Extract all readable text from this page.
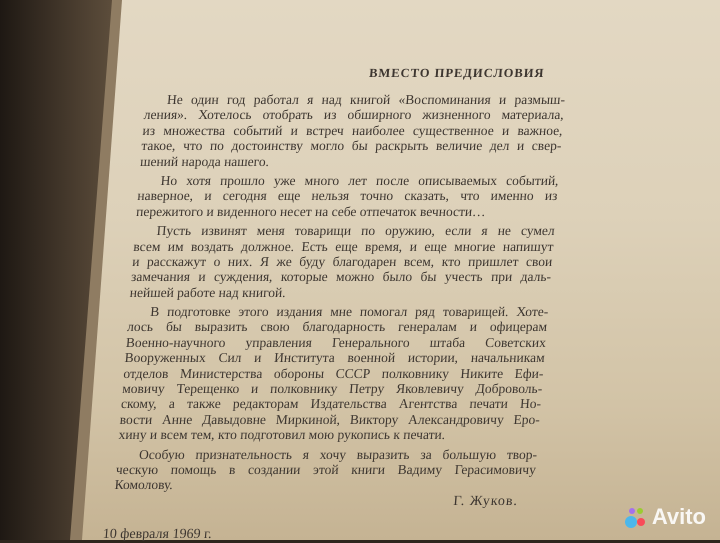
ВМЕСТО ПРЕДИСЛОВИЯ
Не один год работал я над книгой «Воспоминания и размыш-
ления». Хотелось отобрать из обширного жизненного материала,
из множества событий и встреч наиболее существенное и важное,
такое, что по достоинству могло бы раскрыть величие дел и свер-
шений народа нашего.
Но хотя прошло уже много лет после описываемых событий,
наверное, и сегодня еще нельзя точно сказать, что именно из
пережитого и виденного несет на себе отпечаток вечности…
Пусть извинят меня товарищи по оружию, если я не сумел
всем им воздать должное. Есть еще время, и еще многие напишут
и расскажут о них. Я же буду благодарен всем, кто пришлет свои
замечания и суждения, которые можно было бы учесть при даль-
нейшей работе над книгой.
В подготовке этого издания мне помогал ряд товарищей. Хоте-
лось бы выразить свою благодарность генералам и офицерам
Военно-научного управления Генерального штаба Советских
Вооруженных Сил и Института военной истории, начальникам
отделов Министерства обороны СССР полковнику Никите Ефи-
мовичу Терещенко и полковнику Петру Яковлевичу Доброволь-
скому, а также редакторам Издательства Агентства печати Но-
вости Анне Давыдовне Миркиной, Виктору Александровичу Еро-
хину и всем тем, кто подготовил мою рукопись к печати.
Особую признательность я хочу выразить за большую твор-
ческую помощь в создании этой книги Вадиму Герасимовичу
Комолову.
Г. Жуков.
10 февраля 1969 г.
Avito
